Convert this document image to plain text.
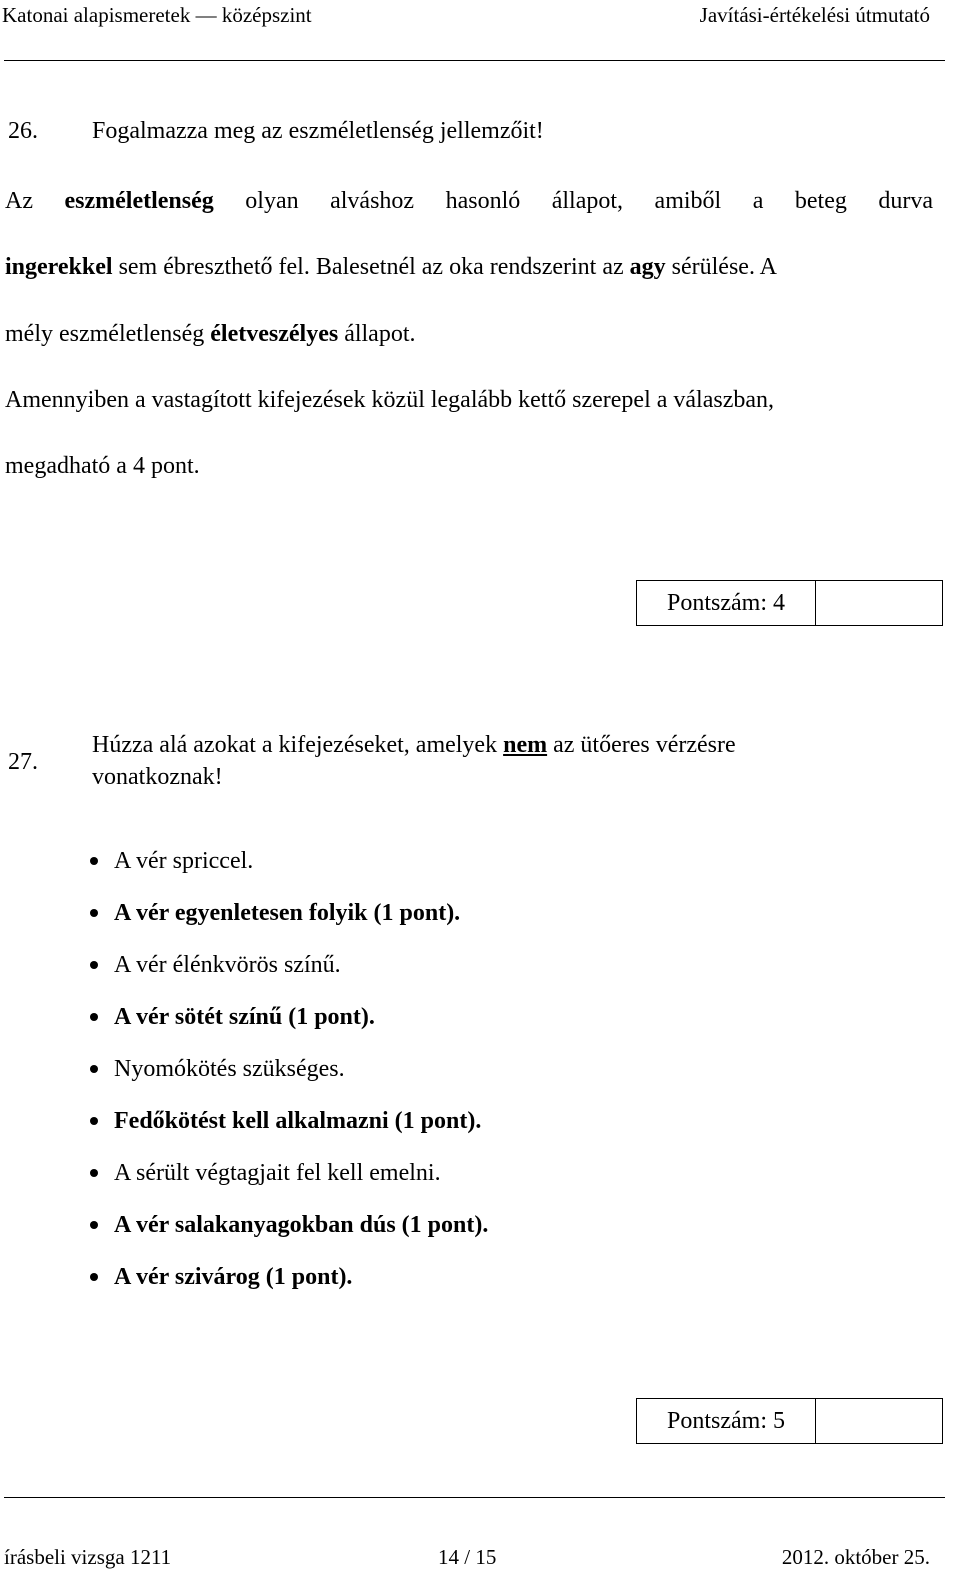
Katonai alapismeretek — középszint	Javítási-értékelési útmutató
26. Fogalmazza meg az eszméletlenség jellemzőit!
Az eszméletlenség olyan alváshoz hasonló állapot, amiből a beteg durva
ingerekkel sem ébreszthető fel. Balesetnél az oka rendszerint az agy sérülése. A
mély eszméletlenség életveszélyes állapot.
Amennyiben a vastagított kifejezések közül legalább kettő szerepel a válaszban,
megadható a 4 pont.
Pontszám: 4
27.
Húzza alá azokat a kifejezéseket, amelyek nem az ütőeres vérzésre
vonatkoznak!
A vér spriccel.
A vér egyenletesen folyik (1 pont).
A vér élénkvörös színű.
A vér sötét színű (1 pont).
Nyomókötés szükséges.
Fedőkötést kell alkalmazni (1 pont).
A sérült végtagjait fel kell emelni.
A vér salakanyagokban dús (1 pont).
A vér szivárog (1 pont).
Pontszám: 5
írásbeli vizsga 1211	14 / 15	2012. október 25.
